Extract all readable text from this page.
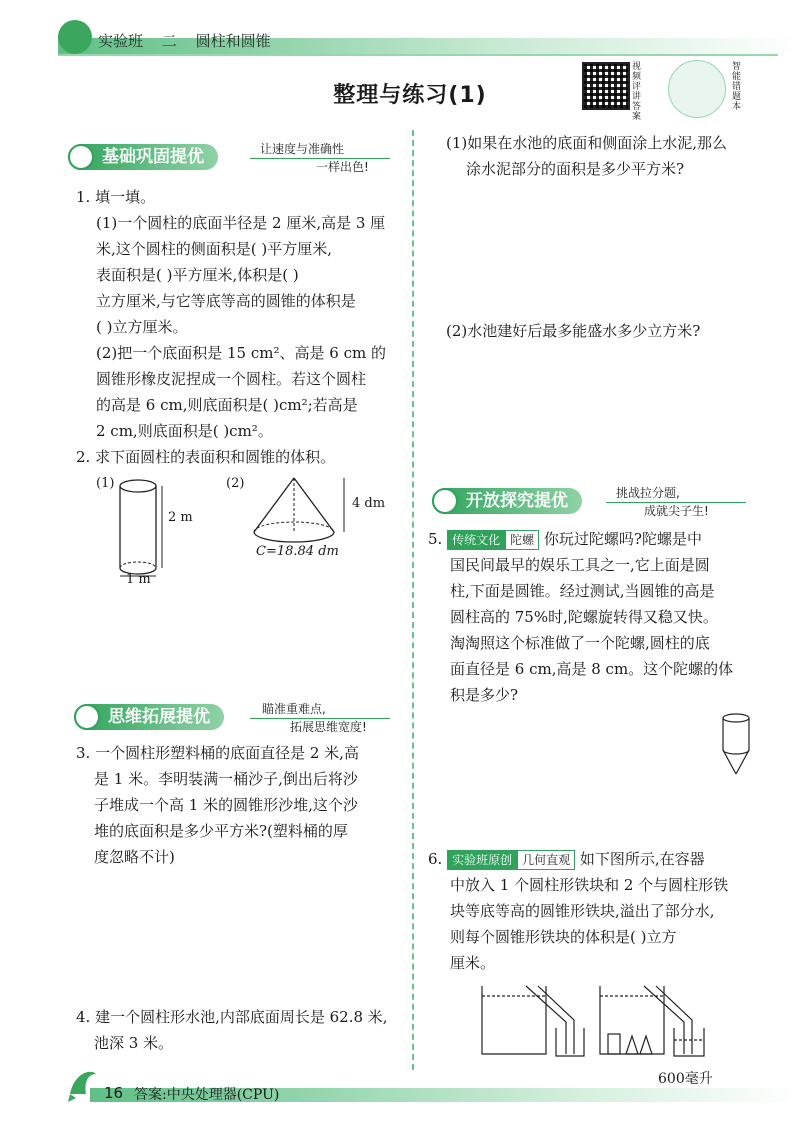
实验班 二 圆柱和圆锥
整理与练习(1)
视频评讲答案
智能错题本
基础巩固提优	让速度与准确性
一样出色!
1. 填一填。
(1)一个圆柱的底面半径是 2 厘米,高是 3 厘
米,这个圆柱的侧面积是( )平方厘米,
表面积是( )平方厘米,体积是( )
立方厘米,与它等底等高的圆锥的体积是
( )立方厘米。
(2)把一个底面积是 15 cm²、高是 6 cm 的
圆锥形橡皮泥捏成一个圆柱。若这个圆柱
的高是 6 cm,则底面积是( )cm²;若高是
2 cm,则底面积是( )cm²。
2. 求下面圆柱的表面积和圆锥的体积。
(1)
2 m
1 m
(2)
4 dm
C=18.84 dm
思维拓展提优	瞄准重难点,
拓展思维宽度!
3. 一个圆柱形塑料桶的底面直径是 2 米,高
是 1 米。李明装满一桶沙子,倒出后将沙
子堆成一个高 1 米的圆锥形沙堆,这个沙
堆的底面积是多少平方米?(塑料桶的厚
度忽略不计)
4. 建一个圆柱形水池,内部底面周长是 62.8 米,
池深 3 米。
(1)如果在水池的底面和侧面涂上水泥,那么
涂水泥部分的面积是多少平方米?
(2)水池建好后最多能盛水多少立方米?
开放探究提优	挑战拉分题,
成就尖子生!
5. 传统文化 陀螺 你玩过陀螺吗?陀螺是中
国民间最早的娱乐工具之一,它上面是圆
柱,下面是圆锥。经过测试,当圆锥的高是
圆柱高的 75%时,陀螺旋转得又稳又快。
淘淘照这个标准做了一个陀螺,圆柱的底
面直径是 6 cm,高是 8 cm。这个陀螺的体
积是多少?
6. 实验班原创 几何直观 如下图所示,在容器
中放入 1 个圆柱形铁块和 2 个与圆柱形铁
块等底等高的圆锥形铁块,溢出了部分水,
则每个圆锥形铁块的体积是( )立方
厘米。
600毫升
16 答案:中央处理器(CPU)
